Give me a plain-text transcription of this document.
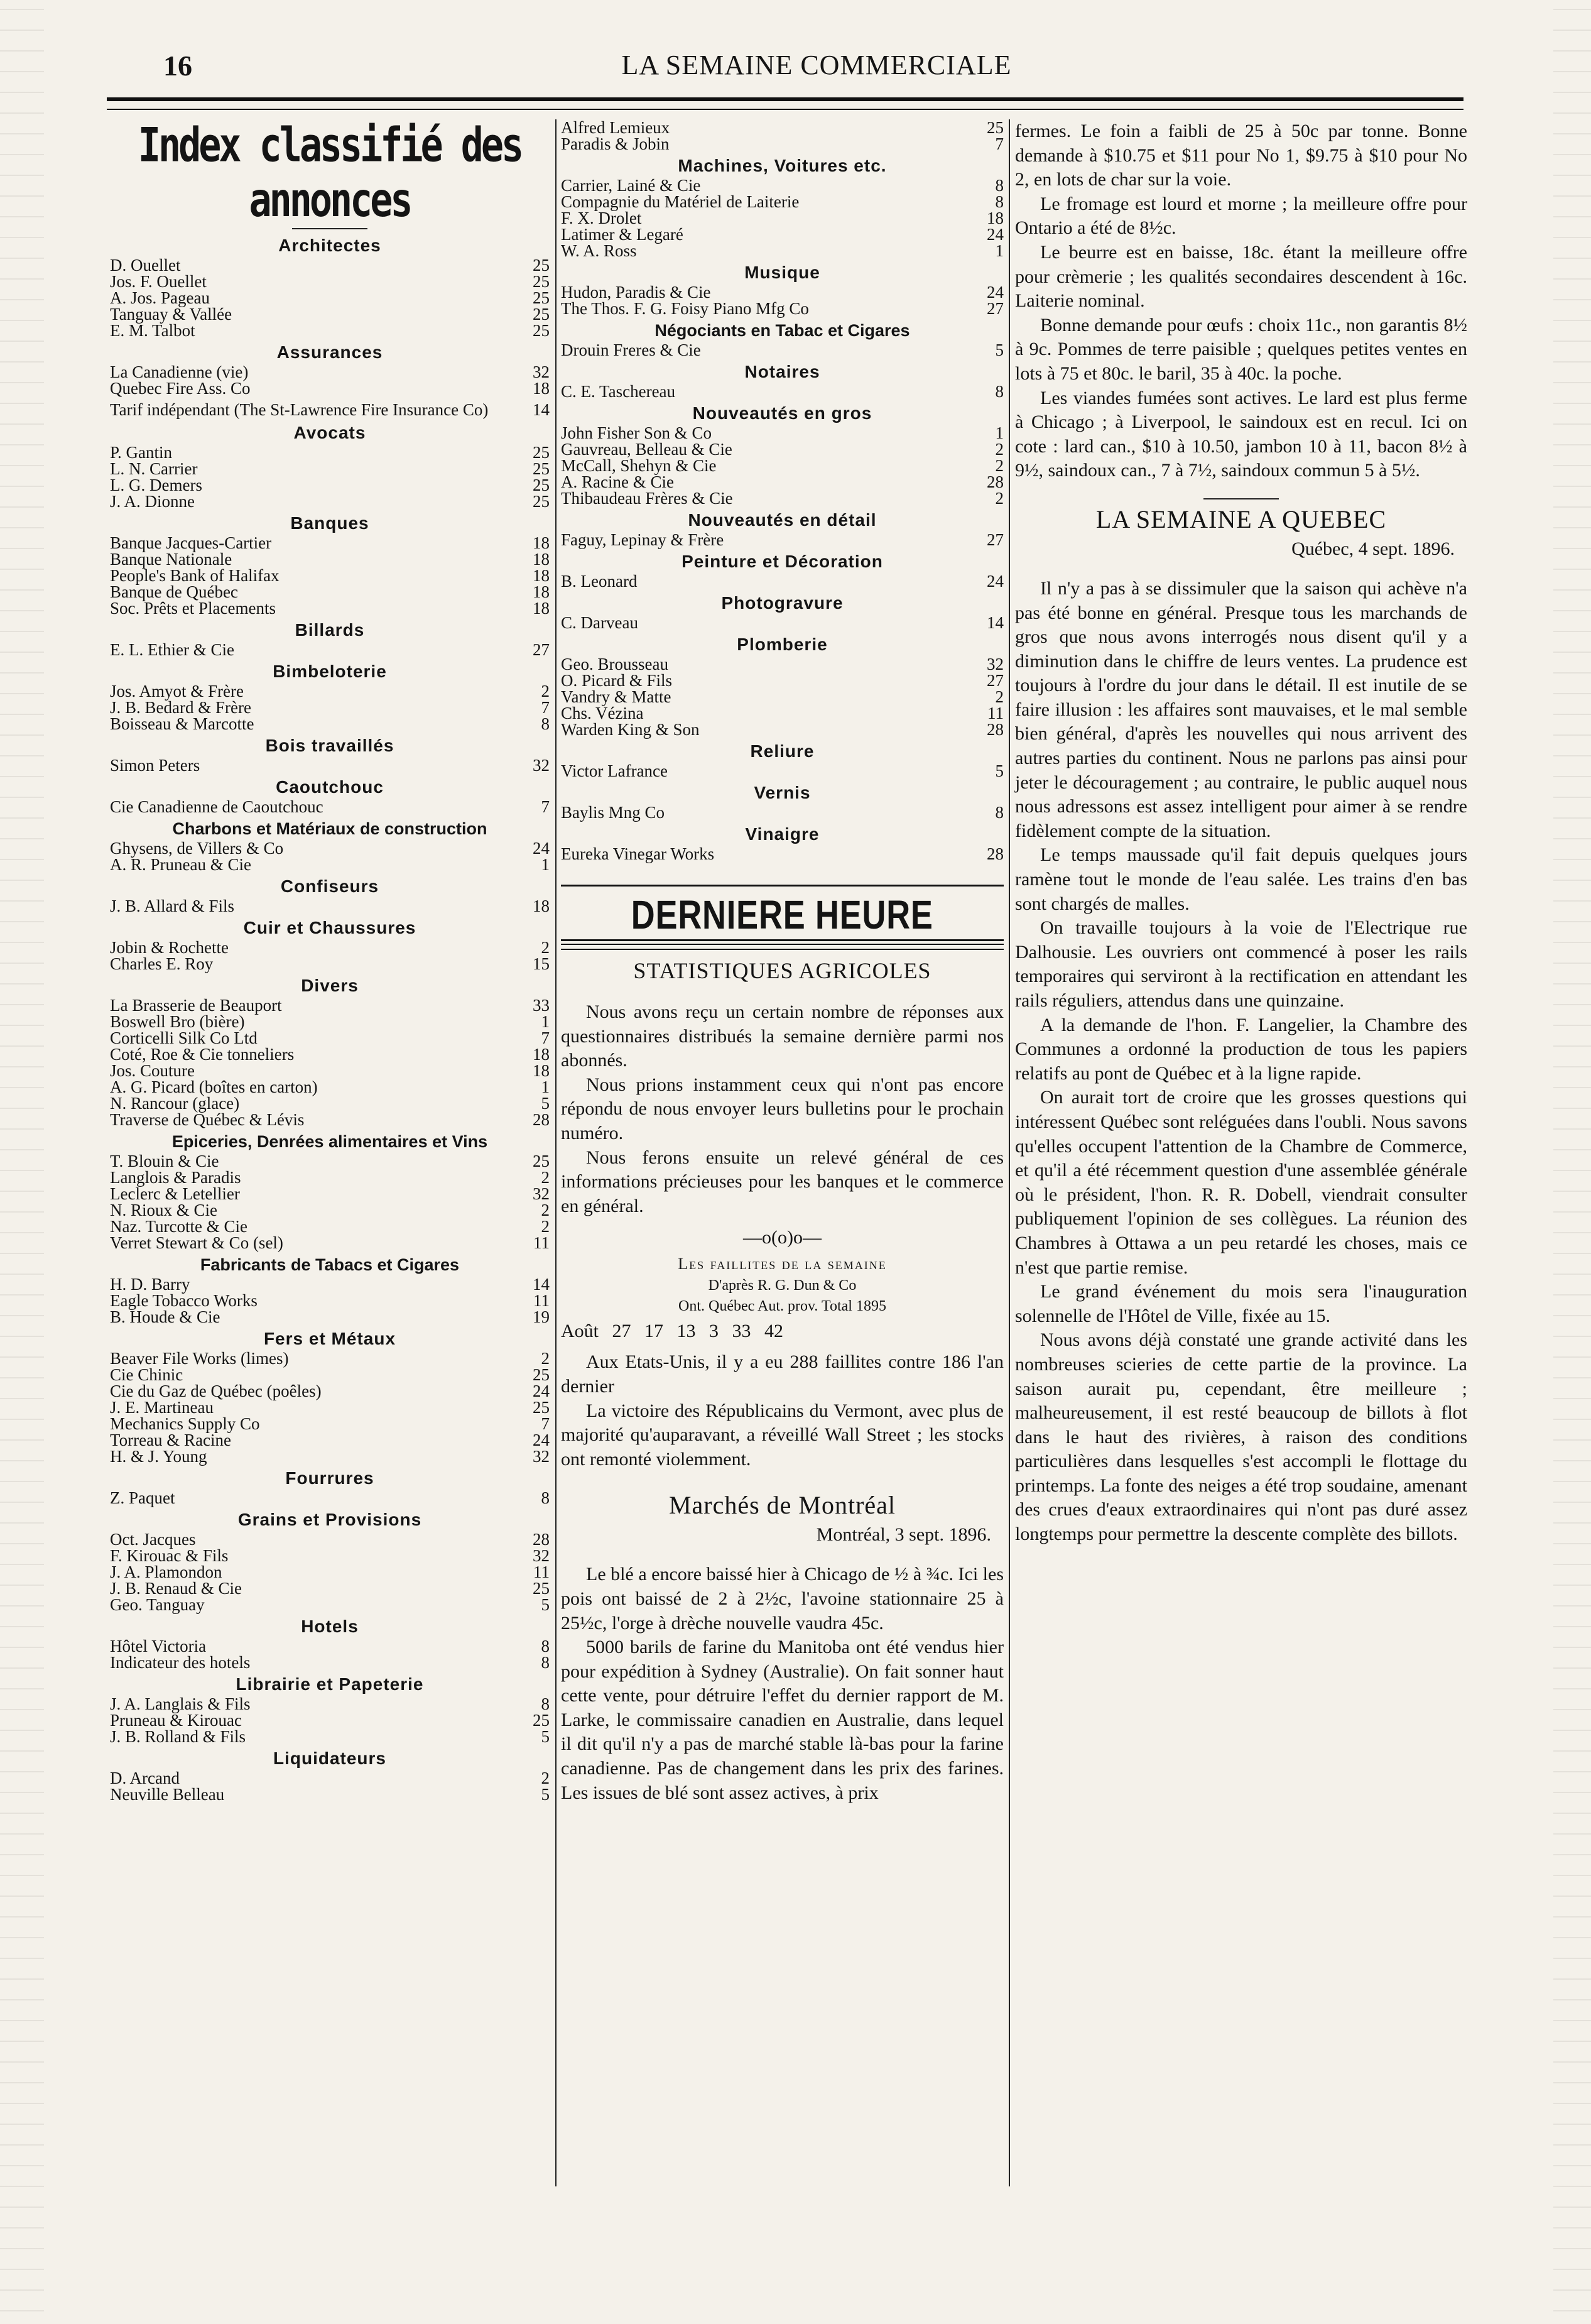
16	LA SEMAINE COMMERCIALE
Index classifié des annonces
Architectes
D. Ouellet	25
Jos. F. Ouellet	25
A. Jos. Pageau	25
Tanguay & Vallée	25
E. M. Talbot	25
Assurances
La Canadienne (vie)	32
Quebec Fire Ass. Co	18
Tarif indépendant (The St-Lawrence Fire Insurance Co)	14
Avocats
P. Gantin	25
L. N. Carrier	25
L. G. Demers	25
J. A. Dionne	25
Banques
Banque Jacques-Cartier	18
Banque Nationale	18
People's Bank of Halifax	18
Banque de Québec	18
Soc. Prêts et Placements	18
Billards
E. L. Ethier & Cie	27
Bimbeloterie
Jos. Amyot & Frère	2
J. B. Bedard & Frère	7
Boisseau & Marcotte	8
Bois travaillés
Simon Peters	32
Caoutchouc
Cie Canadienne de Caoutchouc	7
Charbons et Matériaux de construction
Ghysens, de Villers & Co	24
A. R. Pruneau & Cie	1
Confiseurs
J. B. Allard & Fils	18
Cuir et Chaussures
Jobin & Rochette	2
Charles E. Roy	15
Divers
La Brasserie de Beauport	33
Boswell Bro (bière)	1
Corticelli Silk Co Ltd	7
Coté, Roe & Cie tonneliers	18
Jos. Couture	18
A. G. Picard (boîtes en carton)	1
N. Rancour (glace)	5
Traverse de Québec & Lévis	28
Epiceries, Denrées alimentaires et Vins
T. Blouin & Cie	25
Langlois & Paradis	2
Leclerc & Letellier	32
N. Rioux & Cie	2
Naz. Turcotte & Cie	2
Verret Stewart & Co (sel)	11
Fabricants de Tabacs et Cigares
H. D. Barry	14
Eagle Tobacco Works	11
B. Houde & Cie	19
Fers et Métaux
Beaver File Works (limes)	2
Cie Chinic	25
Cie du Gaz de Québec (poêles)	24
J. E. Martineau	25
Mechanics Supply Co	7
Torreau & Racine	24
H. & J. Young	32
Fourrures
Z. Paquet	8
Grains et Provisions
Oct. Jacques	28
F. Kirouac & Fils	32
J. A. Plamondon	11
J. B. Renaud & Cie	25
Geo. Tanguay	5
Hotels
Hôtel Victoria	8
Indicateur des hotels	8
Librairie et Papeterie
J. A. Langlais & Fils	8
Pruneau & Kirouac	25
J. B. Rolland & Fils	5
Liquidateurs
D. Arcand	2
Neuville Belleau	5
Alfred Lemieux	25
Paradis & Jobin	7
Machines, Voitures etc.
Carrier, Lainé & Cie	8
Compagnie du Matériel de Laiterie	8
F. X. Drolet	18
Latimer & Legaré	24
W. A. Ross	1
Musique
Hudon, Paradis & Cie	24
The Thos. F. G. Foisy Piano Mfg Co	27
Négociants en Tabac et Cigares
Drouin Freres & Cie	5
Notaires
C. E. Taschereau	8
Nouveautés en gros
John Fisher Son & Co	1
Gauvreau, Belleau & Cie	2
McCall, Shehyn & Cie	2
A. Racine & Cie	28
Thibaudeau Frères & Cie	2
Nouveautés en détail
Faguy, Lepinay & Frère	27
Peinture et Décoration
B. Leonard	24
Photogravure
C. Darveau	14
Plomberie
Geo. Brousseau	32
O. Picard & Fils	27
Vandry & Matte	2
Chs. Vézina	11
Warden King & Son	28
Reliure
Victor Lafrance	5
Vernis
Baylis Mng Co	8
Vinaigre
Eureka Vinegar Works	28
DERNIERE HEURE
STATISTIQUES AGRICOLES

Nous avons reçu un certain nombre de réponses aux questionnaires distribués la semaine dernière parmi nos abonnés.

Nous prions instamment ceux qui n'ont pas encore répondu de nous envoyer leurs bulletins pour le prochain numéro.

Nous ferons ensuite un relevé général de ces informations précieuses pour les banques et le commerce en général.

—o(o)o—
Les faillites de la semaine
D'après R. G. Dun & Co
Ont. Québec Aut. prov. Total 1895
Août 27 17 13 3 33 42

Aux Etats-Unis, il y a eu 288 faillites contre 186 l'an dernier

La victoire des Républicains du Vermont, avec plus de majorité qu'auparavant, a réveillé Wall Street ; les stocks ont remonté violemment.

Marchés de Montréal
Montréal, 3 sept. 1896.

Le blé a encore baissé hier à Chicago de ½ à ¾c. Ici les pois ont baissé de 2 à 2½c, l'avoine stationnaire 25 à 25½c, l'orge à drèche nouvelle vaudra 45c.

5000 barils de farine du Manitoba ont été vendus hier pour expédition à Sydney (Australie). On fait sonner haut cette vente, pour détruire l'effet du dernier rapport de M. Larke, le commissaire canadien en Australie, dans lequel il dit qu'il n'y a pas de marché stable là-bas pour la farine canadienne. Pas de changement dans les prix des farines. Les issues de blé sont assez actives, à prix

fermes. Le foin a faibli de 25 à 50c par tonne. Bonne demande à $10.75 et $11 pour No 1, $9.75 à $10 pour No 2, en lots de char sur la voie.

Le fromage est lourd et morne ; la meilleure offre pour Ontario a été de 8½c.

Le beurre est en baisse, 18c. étant la meilleure offre pour crèmerie ; les qualités secondaires descendent à 16c. Laiterie nominal.

Bonne demande pour œufs : choix 11c., non garantis 8½ à 9c. Pommes de terre paisible ; quelques petites ventes en lots à 75 et 80c. le baril, 35 à 40c. la poche.

Les viandes fumées sont actives. Le lard est plus ferme à Chicago ; à Liverpool, le saindoux est en recul. Ici on cote : lard can., $10 à 10.50, jambon 10 à 11, bacon 8½ à 9½, saindoux can., 7 à 7½, saindoux commun 5 à 5½.

LA SEMAINE A QUEBEC
Québec, 4 sept. 1896.

Il n'y a pas à se dissimuler que la saison qui achève n'a pas été bonne en général. Presque tous les marchands de gros que nous avons interrogés nous disent qu'il y a diminution dans le chiffre de leurs ventes. La prudence est toujours à l'ordre du jour dans le détail. Il est inutile de se faire illusion : les affaires sont mauvaises, et le mal semble bien général, d'après les nouvelles qui nous arrivent des autres parties du continent. Nous ne parlons pas ainsi pour jeter le découragement ; au contraire, le public auquel nous nous adressons est assez intelligent pour aimer à se rendre fidèlement compte de la situation.

Le temps maussade qu'il fait depuis quelques jours ramène tout le monde de l'eau salée. Les trains d'en bas sont chargés de malles.

On travaille toujours à la voie de l'Electrique rue Dalhousie. Les ouvriers ont commencé à poser les rails temporaires qui serviront à la rectification en attendant les rails réguliers, attendus dans une quinzaine.

A la demande de l'hon. F. Langelier, la Chambre des Communes a ordonné la production de tous les papiers relatifs au pont de Québec et à la ligne rapide.

On aurait tort de croire que les grosses questions qui intéressent Québec sont reléguées dans l'oubli. Nous savons qu'elles occupent l'attention de la Chambre de Commerce, et qu'il a été récemment question d'une assemblée générale où le président, l'hon. R. R. Dobell, viendrait consulter publiquement l'opinion de ses collègues. La réunion des Chambres à Ottawa a un peu retardé les choses, mais ce n'est que partie remise.

Le grand événement du mois sera l'inauguration solennelle de l'Hôtel de Ville, fixée au 15.

Nous avons déjà constaté une grande activité dans les nombreuses scieries de cette partie de la province. La saison aurait pu, cependant, être meilleure ; malheureusement, il est resté beaucoup de billots à flot dans le haut des rivières, à raison des conditions particulières dans lesquelles s'est accompli le flottage du printemps. La fonte des neiges a été trop soudaine, amenant des crues d'eaux extraordinaires qui n'ont pas duré assez longtemps pour permettre la descente complète des billots.
